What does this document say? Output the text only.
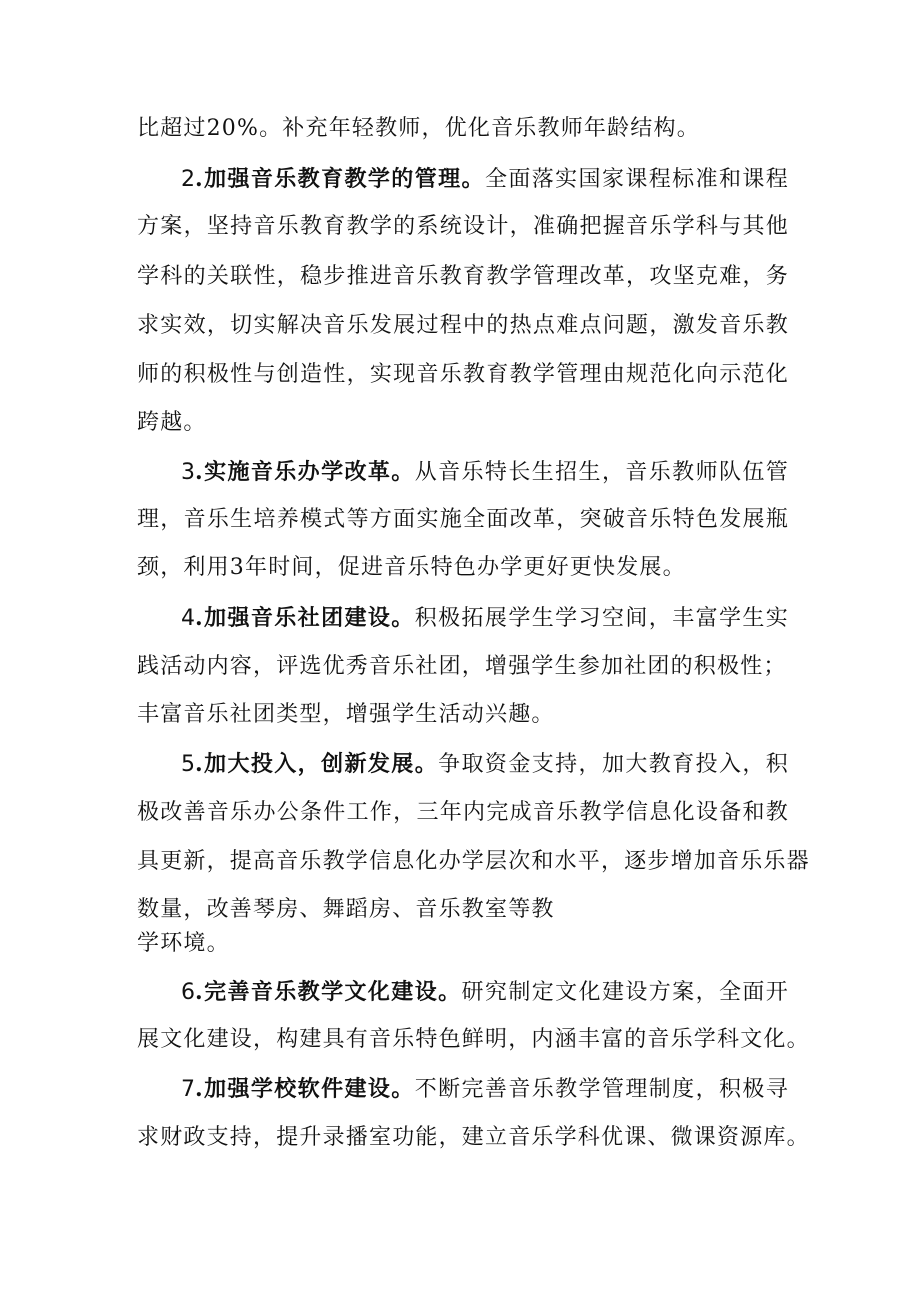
比超过20%。补充年轻教师，优化音乐教师年龄结构。
2.加强音乐教育教学的管理。全面落实国家课程标准和课程
方案，坚持音乐教育教学的系统设计，准确把握音乐学科与其他
学科的关联性，稳步推进音乐教育教学管理改革，攻坚克难，务
求实效，切实解决音乐发展过程中的热点难点问题，激发音乐教
师的积极性与创造性，实现音乐教育教学管理由规范化向示范化
跨越。
3.实施音乐办学改革。从音乐特长生招生，音乐教师队伍管
理，音乐生培养模式等方面实施全面改革，突破音乐特色发展瓶
颈，利用3年时间，促进音乐特色办学更好更快发展。
4.加强音乐社团建设。积极拓展学生学习空间，丰富学生实
践活动内容，评选优秀音乐社团，增强学生参加社团的积极性；
丰富音乐社团类型，增强学生活动兴趣。
5.加大投入，创新发展。争取资金支持，加大教育投入，积
极改善音乐办公条件工作，三年内完成音乐教学信息化设备和教
具更新，提高音乐教学信息化办学层次和水平，逐步增加音乐乐器
数量，改善琴房、舞蹈房、音乐教室等教
学环境。
6.完善音乐教学文化建设。研究制定文化建设方案，全面开
展文化建设，构建具有音乐特色鲜明，内涵丰富的音乐学科文化。
7.加强学校软件建设。不断完善音乐教学管理制度，积极寻
求财政支持，提升录播室功能，建立音乐学科优课、微课资源库。
